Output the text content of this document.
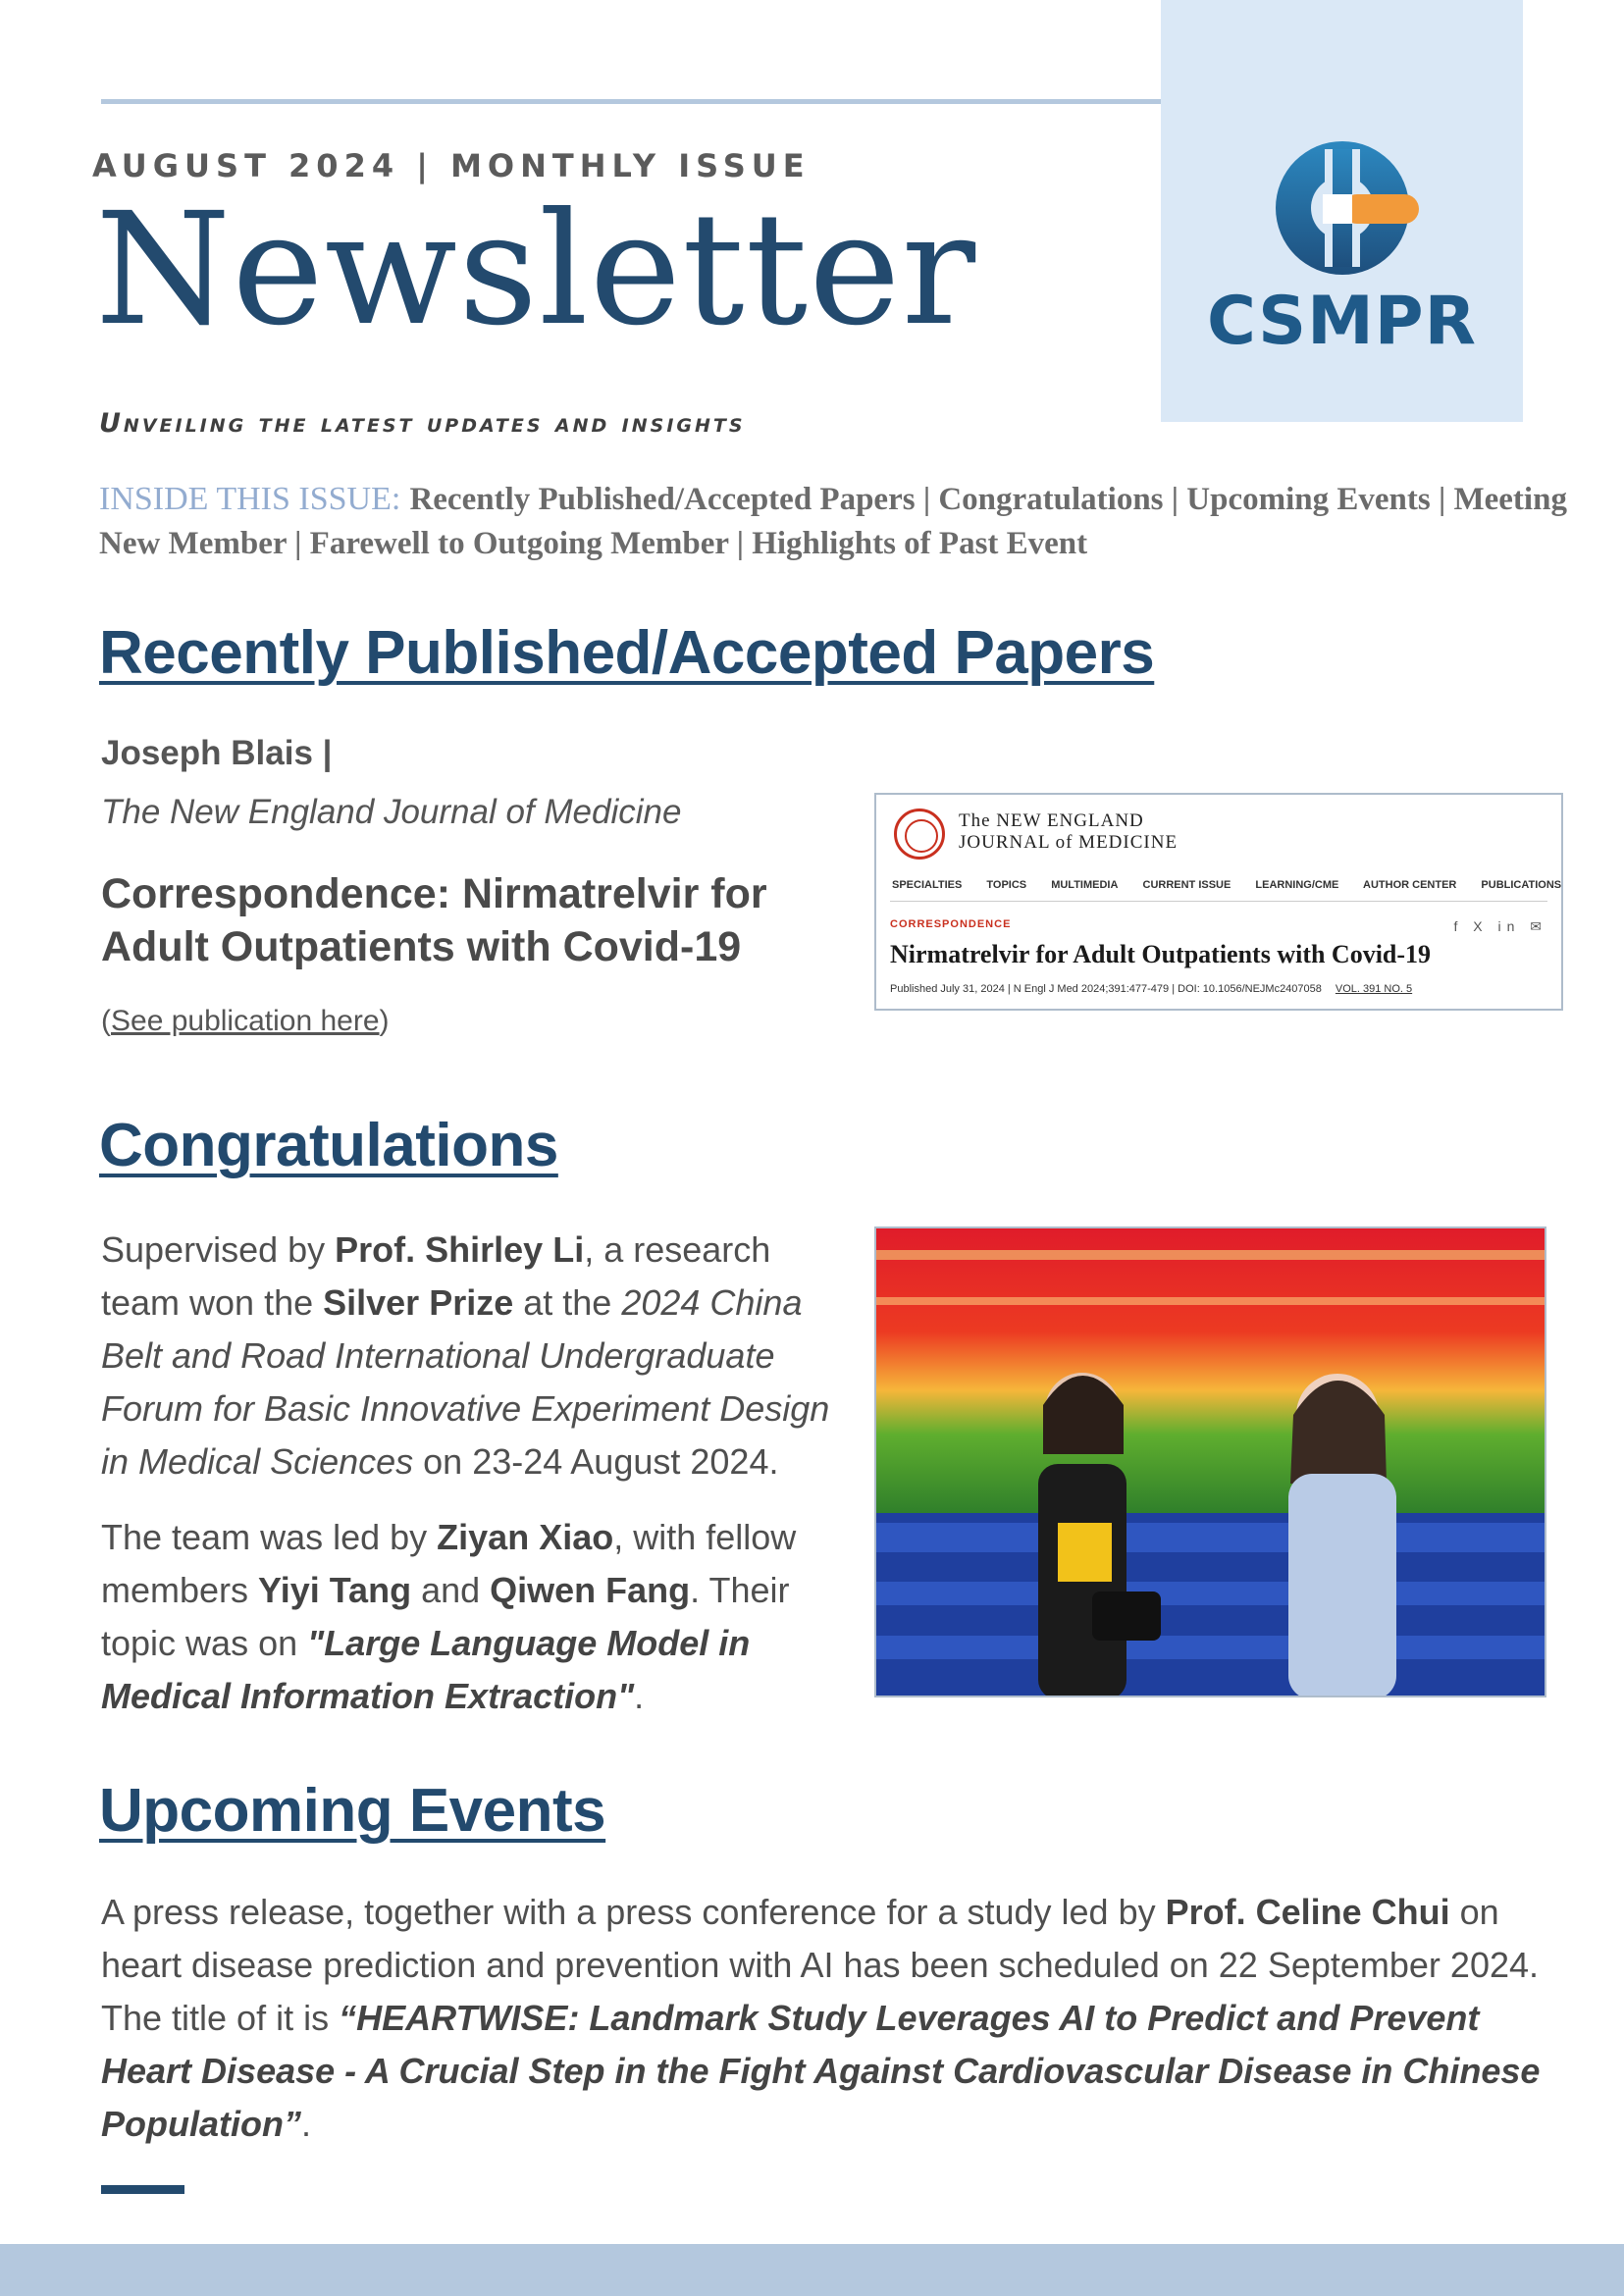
CSMPR
AUGUST 2024 | MONTHLY ISSUE
Newsletter
Unveiling the latest updates and insights
INSIDE THIS ISSUE: Recently Published/Accepted Papers | Congratulations | Upcoming Events | Meeting New Member | Farewell to Outgoing Member | Highlights of Past Event
Recently Published/Accepted Papers
Joseph Blais |
The New England Journal of Medicine
Correspondence: Nirmatrelvir for Adult Outpatients with Covid-19
(See publication here)
The NEW ENGLAND
JOURNAL of MEDICINE
SPECIALTIES TOPICS MULTIMEDIA CURRENT ISSUE LEARNING/CME AUTHOR CENTER PUBLICATIONS
CORRESPONDENCE	f X in ✉
Nirmatrelvir for Adult Outpatients with Covid-19
Published July 31, 2024 | N Engl J Med 2024;391:477-479 | DOI: 10.1056/NEJMc2407058 VOL. 391 NO. 5
Congratulations
Supervised by Prof. Shirley Li, a research team won the Silver Prize at the 2024 China Belt and Road International Undergraduate Forum for Basic Innovative Experiment Design in Medical Sciences on 23-24 August 2024.
The team was led by Ziyan Xiao, with fellow members Yiyi Tang and Qiwen Fang. Their topic was on "Large Language Model in Medical Information Extraction".
Upcoming Events
A press release, together with a press conference for a study led by Prof. Celine Chui on heart disease prediction and prevention with AI has been scheduled on 22 September 2024. The title of it is “HEARTWISE: Landmark Study Leverages AI to Predict and Prevent Heart Disease - A Crucial Step in the Fight Against Cardiovascular Disease in Chinese Population”.
